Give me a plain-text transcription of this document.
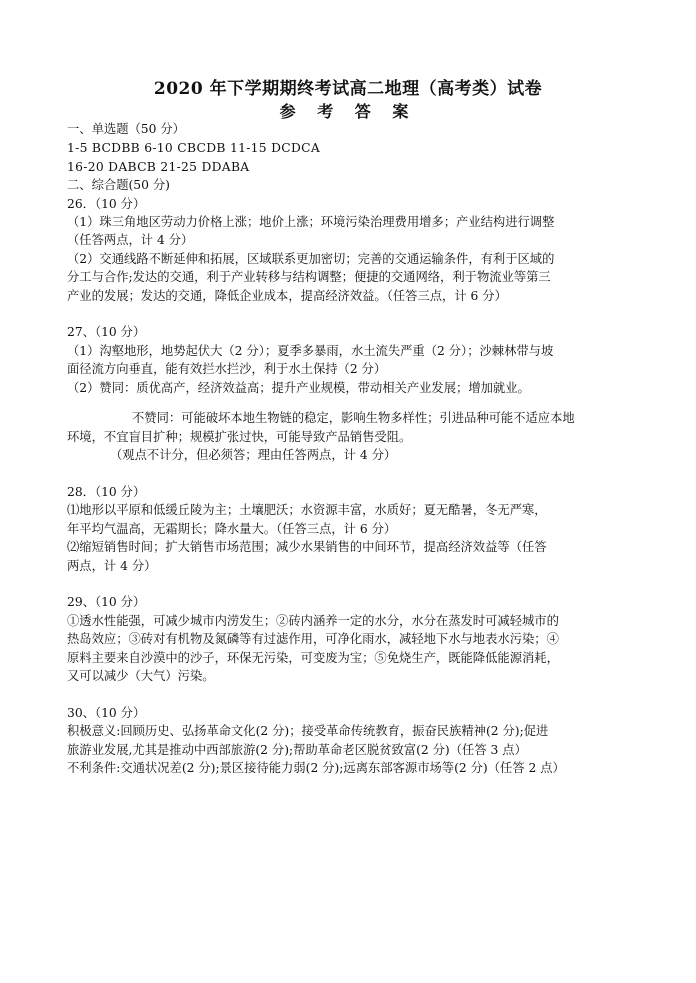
2020 年下学期期终考试高二地理（高考类）试卷
参 考 答 案
一、单选题（50 分）
1-5 BCDBB 6-10 CBCDB 11-15 DCDCA
16-20 DABCB 21-25 DDABA
二、综合题(50 分)
26．（10 分）
（1）珠三角地区劳动力价格上涨；地价上涨；环境污染治理费用增多；产业结构进行调整
（任答两点，计 4 分）
（2）交通线路不断延伸和拓展，区域联系更加密切；完善的交通运输条件，有利于区域的
分工与合作;发达的交通，利于产业转移与结构调整；便捷的交通网络，利于物流业等第三
产业的发展；发达的交通，降低企业成本，提高经济效益。（任答三点，计 6 分）
27、（10 分）
（1）沟壑地形，地势起伏大（2 分）；夏季多暴雨，水土流失严重（2 分）；沙棘林带与坡
面径流方向垂直，能有效拦水拦沙，利于水土保持（2 分）
（2）赞同：质优高产，经济效益高；提升产业规模，带动相关产业发展；增加就业。
不赞同：可能破坏本地生物链的稳定，影响生物多样性；引进品种可能不适应本地
环境，不宜盲目扩种；规模扩张过快，可能导致产品销售受阻。
（观点不计分，但必须答；理由任答两点，计 4 分）
28．（10 分）
⑴地形以平原和低缓丘陵为主；土壤肥沃；水资源丰富，水质好；夏无酷暑，冬无严寒，
年平均气温高，无霜期长；降水量大。（任答三点，计 6 分）
⑵缩短销售时间；扩大销售市场范围；减少水果销售的中间环节，提高经济效益等（任答
两点，计 4 分）
29、（10 分）
①透水性能强，可减少城市内涝发生；②砖内涵养一定的水分，水分在蒸发时可减轻城市的
热岛效应；③砖对有机物及氮磷等有过滤作用，可净化雨水，减轻地下水与地表水污染；④
原料主要来自沙漠中的沙子，环保无污染，可变废为宝；⑤免烧生产，既能降低能源消耗，
又可以减少（大气）污染。
30、（10 分）
积极意义:回顾历史、弘扬革命文化(2 分)；接受革命传统教育，振奋民族精神(2 分);促进
旅游业发展,尤其是推动中西部旅游(2 分);帮助革命老区脱贫致富(2 分)（任答 3 点）
不利条件:交通状况差(2 分);景区接待能力弱(2 分);远离东部客源市场等(2 分)（任答 2 点）
